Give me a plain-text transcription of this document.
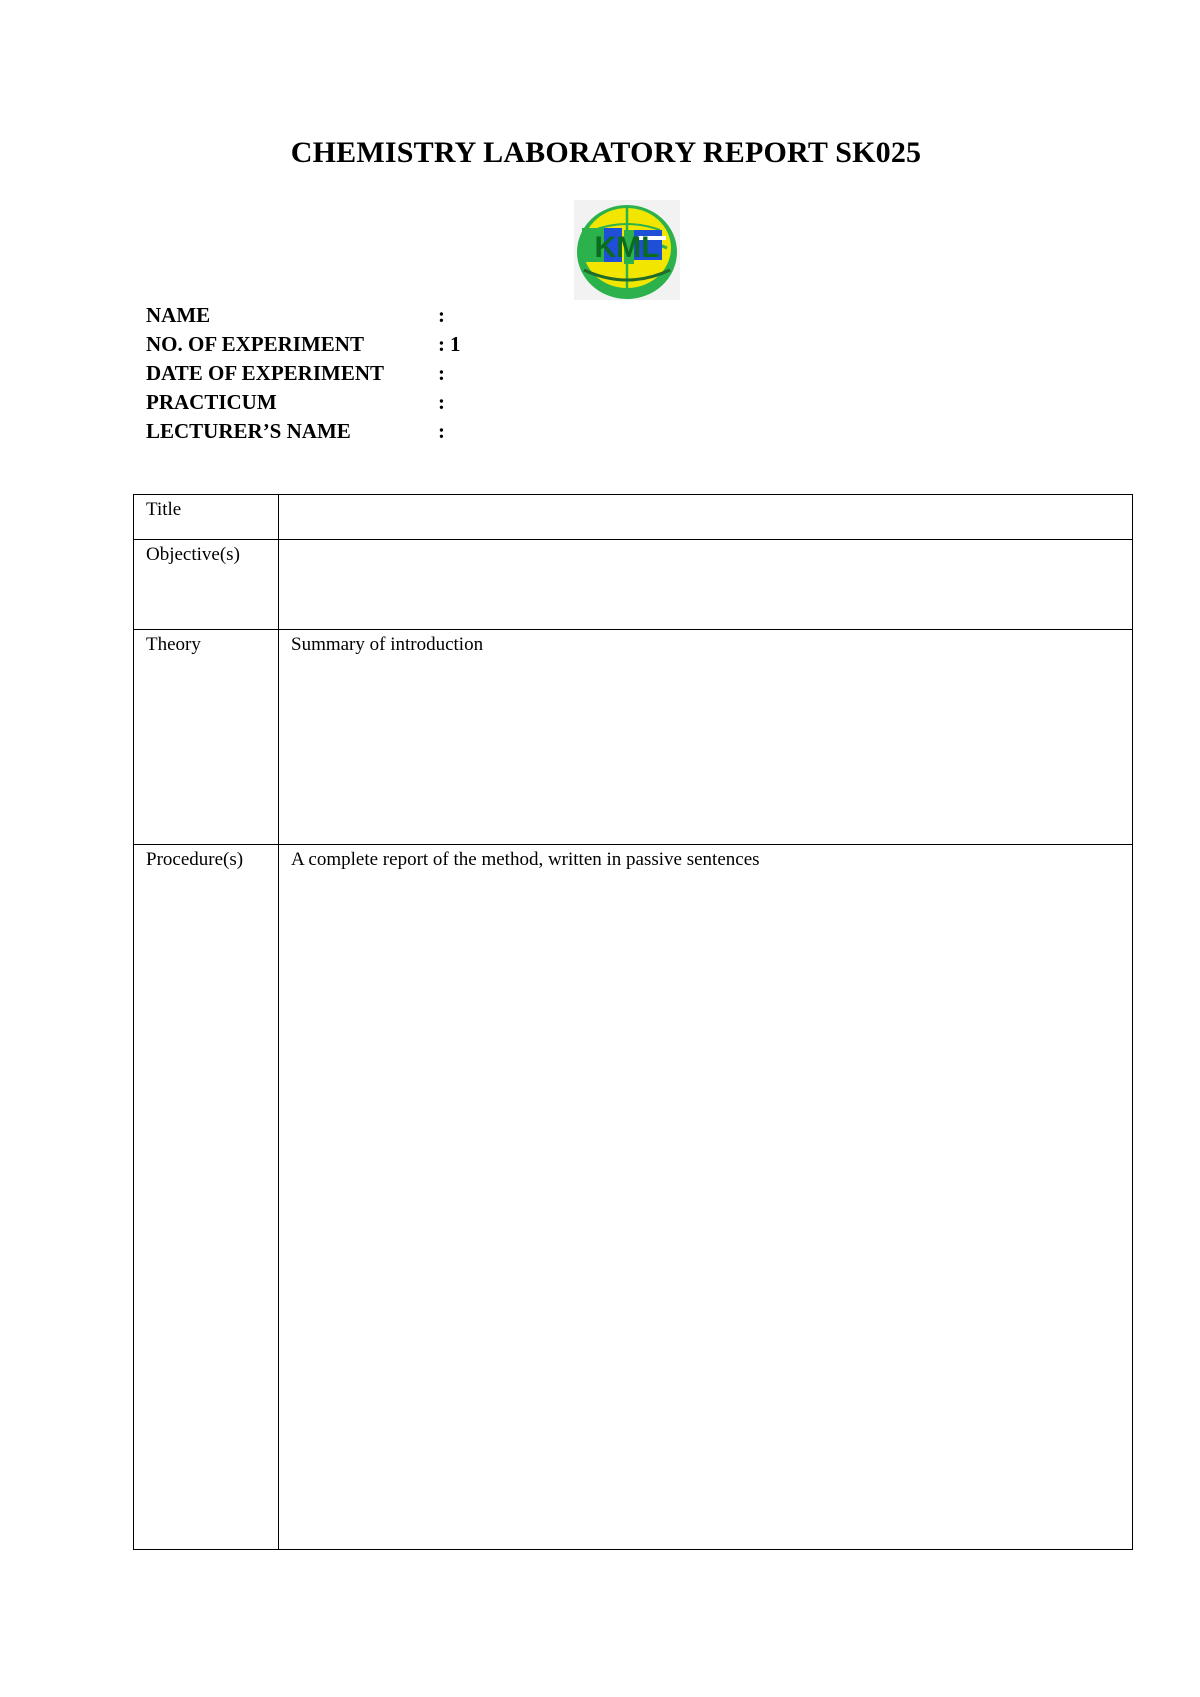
CHEMISTRY LABORATORY REPORT SK025
KML
NAME	:
NO. OF EXPERIMENT	: 1
DATE OF EXPERIMENT	:
PRACTICUM	:
LECTURER’S NAME	:
Title	
Objective(s)	
Theory	Summary of introduction
Procedure(s)	A complete report of the method, written in passive sentences
